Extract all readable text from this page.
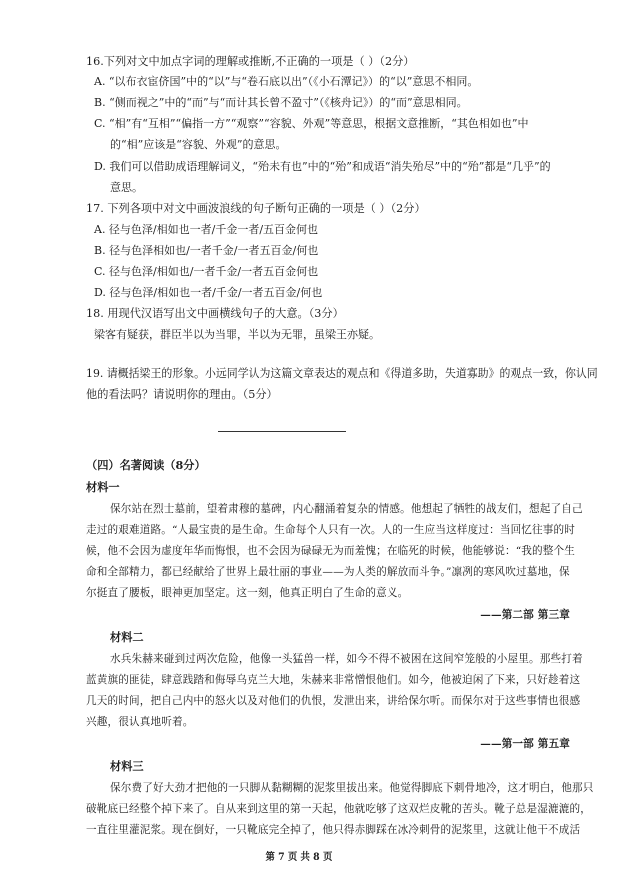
16.下列对文中加点字词的理解或推断,不正确的一项是（ ）（2分）
A. “以布衣宦侪国”中的“以”与“卷石底以出”（《小石潭记》）的“以”意思不相同。
B. “侧而视之”中的“而”与“而计其长曾不盈寸”（《核舟记》）的“而”意思相同。
C. “相”有“互相”“偏指一方”“观察”“容貌、外观”等意思，根据文意推断，“其色相如也”中
的“相”应该是“容貌、外观”的意思。
D. 我们可以借助成语理解词义，“殆未有也”中的“殆”和成语“消失殆尽”中的“殆”都是“几乎”的
意思。
17. 下列各项中对文中画波浪线的句子断句正确的一项是（ ）（2分）
A. 径与色泽/相如也一者/千金一者/五百金何也
B. 径与色泽相如也/一者千金/一者五百金/何也
C. 径与色泽/相如也/一者千金/一者五百金何也
D. 径与色泽/相如也一者/千金/一者五百金/何也
18. 用现代汉语写出文中画横线句子的大意。（3分）
梁客有疑获，群臣半以为当罪，半以为无罪，虽梁王亦疑。
19. 请概括梁王的形象。小远同学认为这篇文章表达的观点和《得道多助，失道寡助》的观点一致，你认同
他的看法吗？请说明你的理由。（5分）
（四）名著阅读（8分）
材料一
保尔站在烈士墓前，望着肃穆的墓碑，内心翻涌着复杂的情感。他想起了牺牲的战友们，想起了自己
走过的艰难道路。“人最宝贵的是生命。生命每个人只有一次。人的一生应当这样度过：当回忆往事的时
候，他不会因为虚度年华而悔恨，也不会因为碌碌无为而羞愧；在临死的时候，他能够说：“我的整个生
命和全部精力，都已经献给了世界上最壮丽的事业——为人类的解放而斗争。”凛冽的寒风吹过墓地，保
尔挺直了腰板，眼神更加坚定。这一刻，他真正明白了生命的意义。
——第二部 第三章
材料二
水兵朱赫来碰到过两次危险，他像一头猛兽一样，如今不得不被困在这间窄笼般的小屋里。那些打着
蓝黄旗的匪徒，肆意践踏和侮辱乌克兰大地，朱赫来非常憎恨他们。如今，他被迫闲了下来，只好趁着这
几天的时间，把自己内中的怒火以及对他们的仇恨，发泄出来，讲给保尔听。而保尔对于这些事情也很感
兴趣，很认真地听着。
——第一部 第五章
材料三
保尔费了好大劲才把他的一只脚从黏糊糊的泥浆里拔出来。他觉得脚底下刺骨地冷，这才明白，他那只
破靴底已经整个掉下来了。自从来到这里的第一天起，他就吃够了这双烂皮靴的苦头。靴子总是湿漉漉的，
一直往里灌泥浆。现在倒好，一只靴底完全掉了，他只得赤脚踩在冰冷刺骨的泥浆里，这就让他干不成活
第 7 页 共 8 页
